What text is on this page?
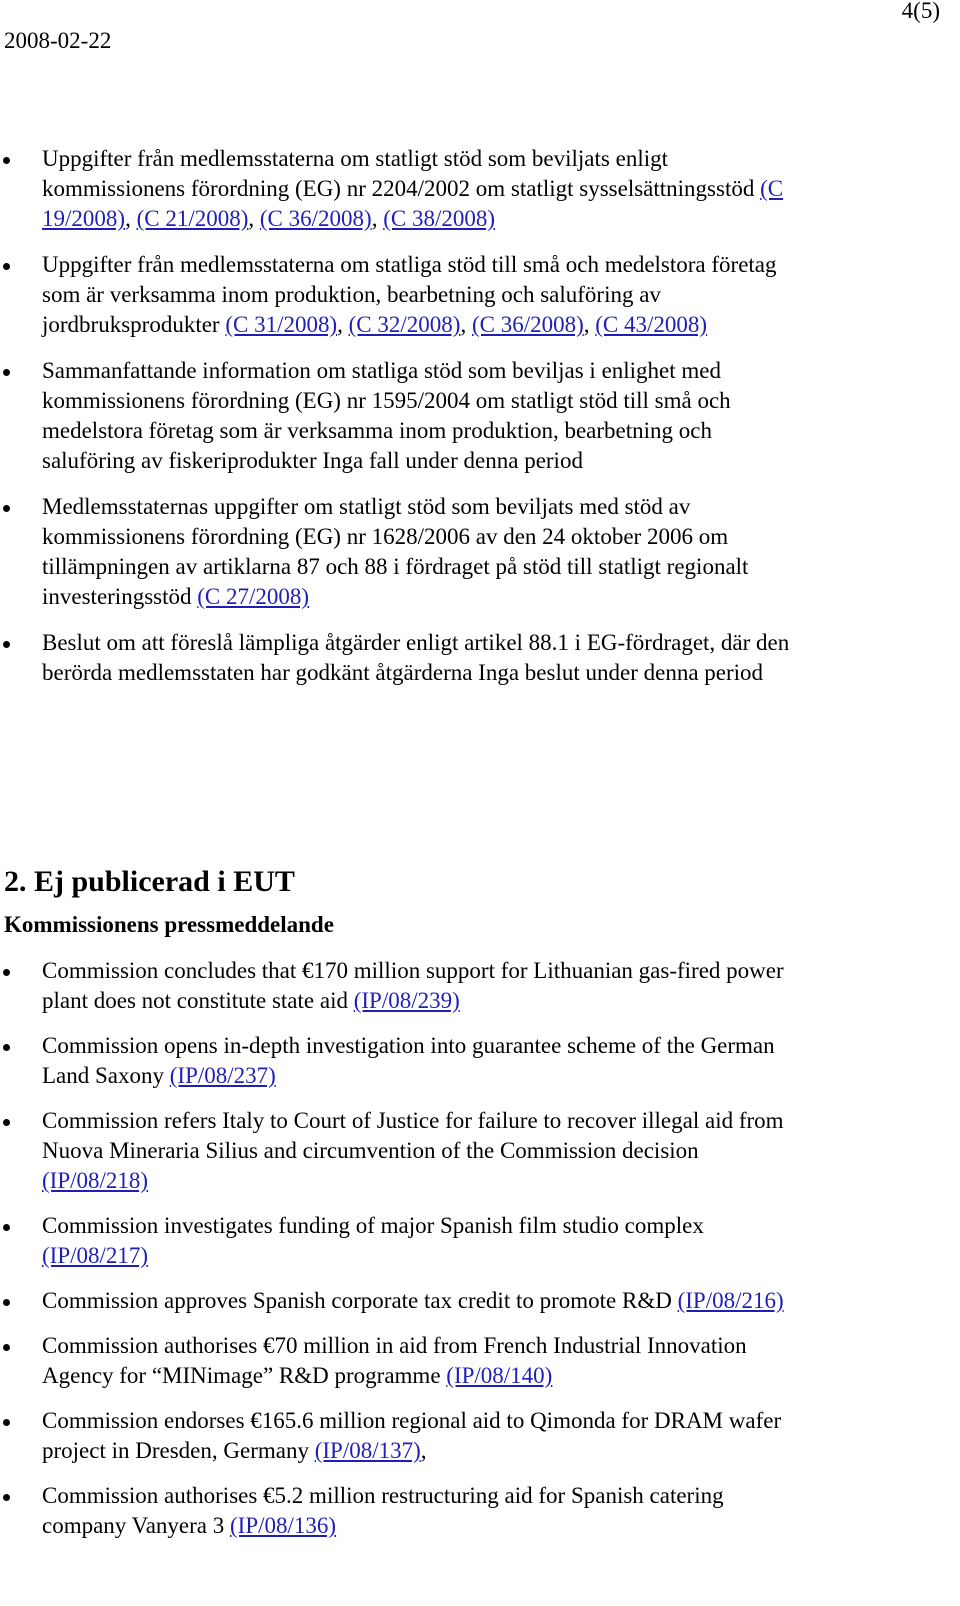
2008-02-22
4(5)
Uppgifter från medlemsstaterna om statligt stöd som beviljats enligt kommissionens förordning (EG) nr 2204/2002 om statligt sysselsättningsstöd (C 19/2008), (C 21/2008), (C 36/2008), (C 38/2008)
Uppgifter från medlemsstaterna om statliga stöd till små och medelstora företag som är verksamma inom produktion, bearbetning och saluföring av jordbruksprodukter (C 31/2008), (C 32/2008), (C 36/2008), (C 43/2008)
Sammanfattande information om statliga stöd som beviljas i enlighet med kommissionens förordning (EG) nr 1595/2004 om statligt stöd till små och medelstora företag som är verksamma inom produktion, bearbetning och saluföring av fiskeriprodukter Inga fall under denna period
Medlemsstaternas uppgifter om statligt stöd som beviljats med stöd av kommissionens förordning (EG) nr 1628/2006 av den 24 oktober 2006 om tillämpningen av artiklarna 87 och 88 i fördraget på stöd till statligt regionalt investeringsstöd (C 27/2008)
Beslut om att föreslå lämpliga åtgärder enligt artikel 88.1 i EG-fördraget, där den berörda medlemsstaten har godkänt åtgärderna Inga beslut under denna period
2. Ej publicerad i EUT
Kommissionens pressmeddelande
Commission concludes that €170 million support for Lithuanian gas-fired power plant does not constitute state aid (IP/08/239)
Commission opens in-depth investigation into guarantee scheme of the German Land Saxony (IP/08/237)
Commission refers Italy to Court of Justice for failure to recover illegal aid from Nuova Mineraria Silius and circumvention of the Commission decision (IP/08/218)
Commission investigates funding of major Spanish film studio complex (IP/08/217)
Commission approves Spanish corporate tax credit to promote R&D (IP/08/216)
Commission authorises €70 million in aid from French Industrial Innovation Agency for “MINimage” R&D programme (IP/08/140)
Commission endorses €165.6 million regional aid to Qimonda for DRAM wafer project in Dresden, Germany (IP/08/137),
Commission authorises €5.2 million restructuring aid for Spanish catering company Vanyera 3 (IP/08/136)
